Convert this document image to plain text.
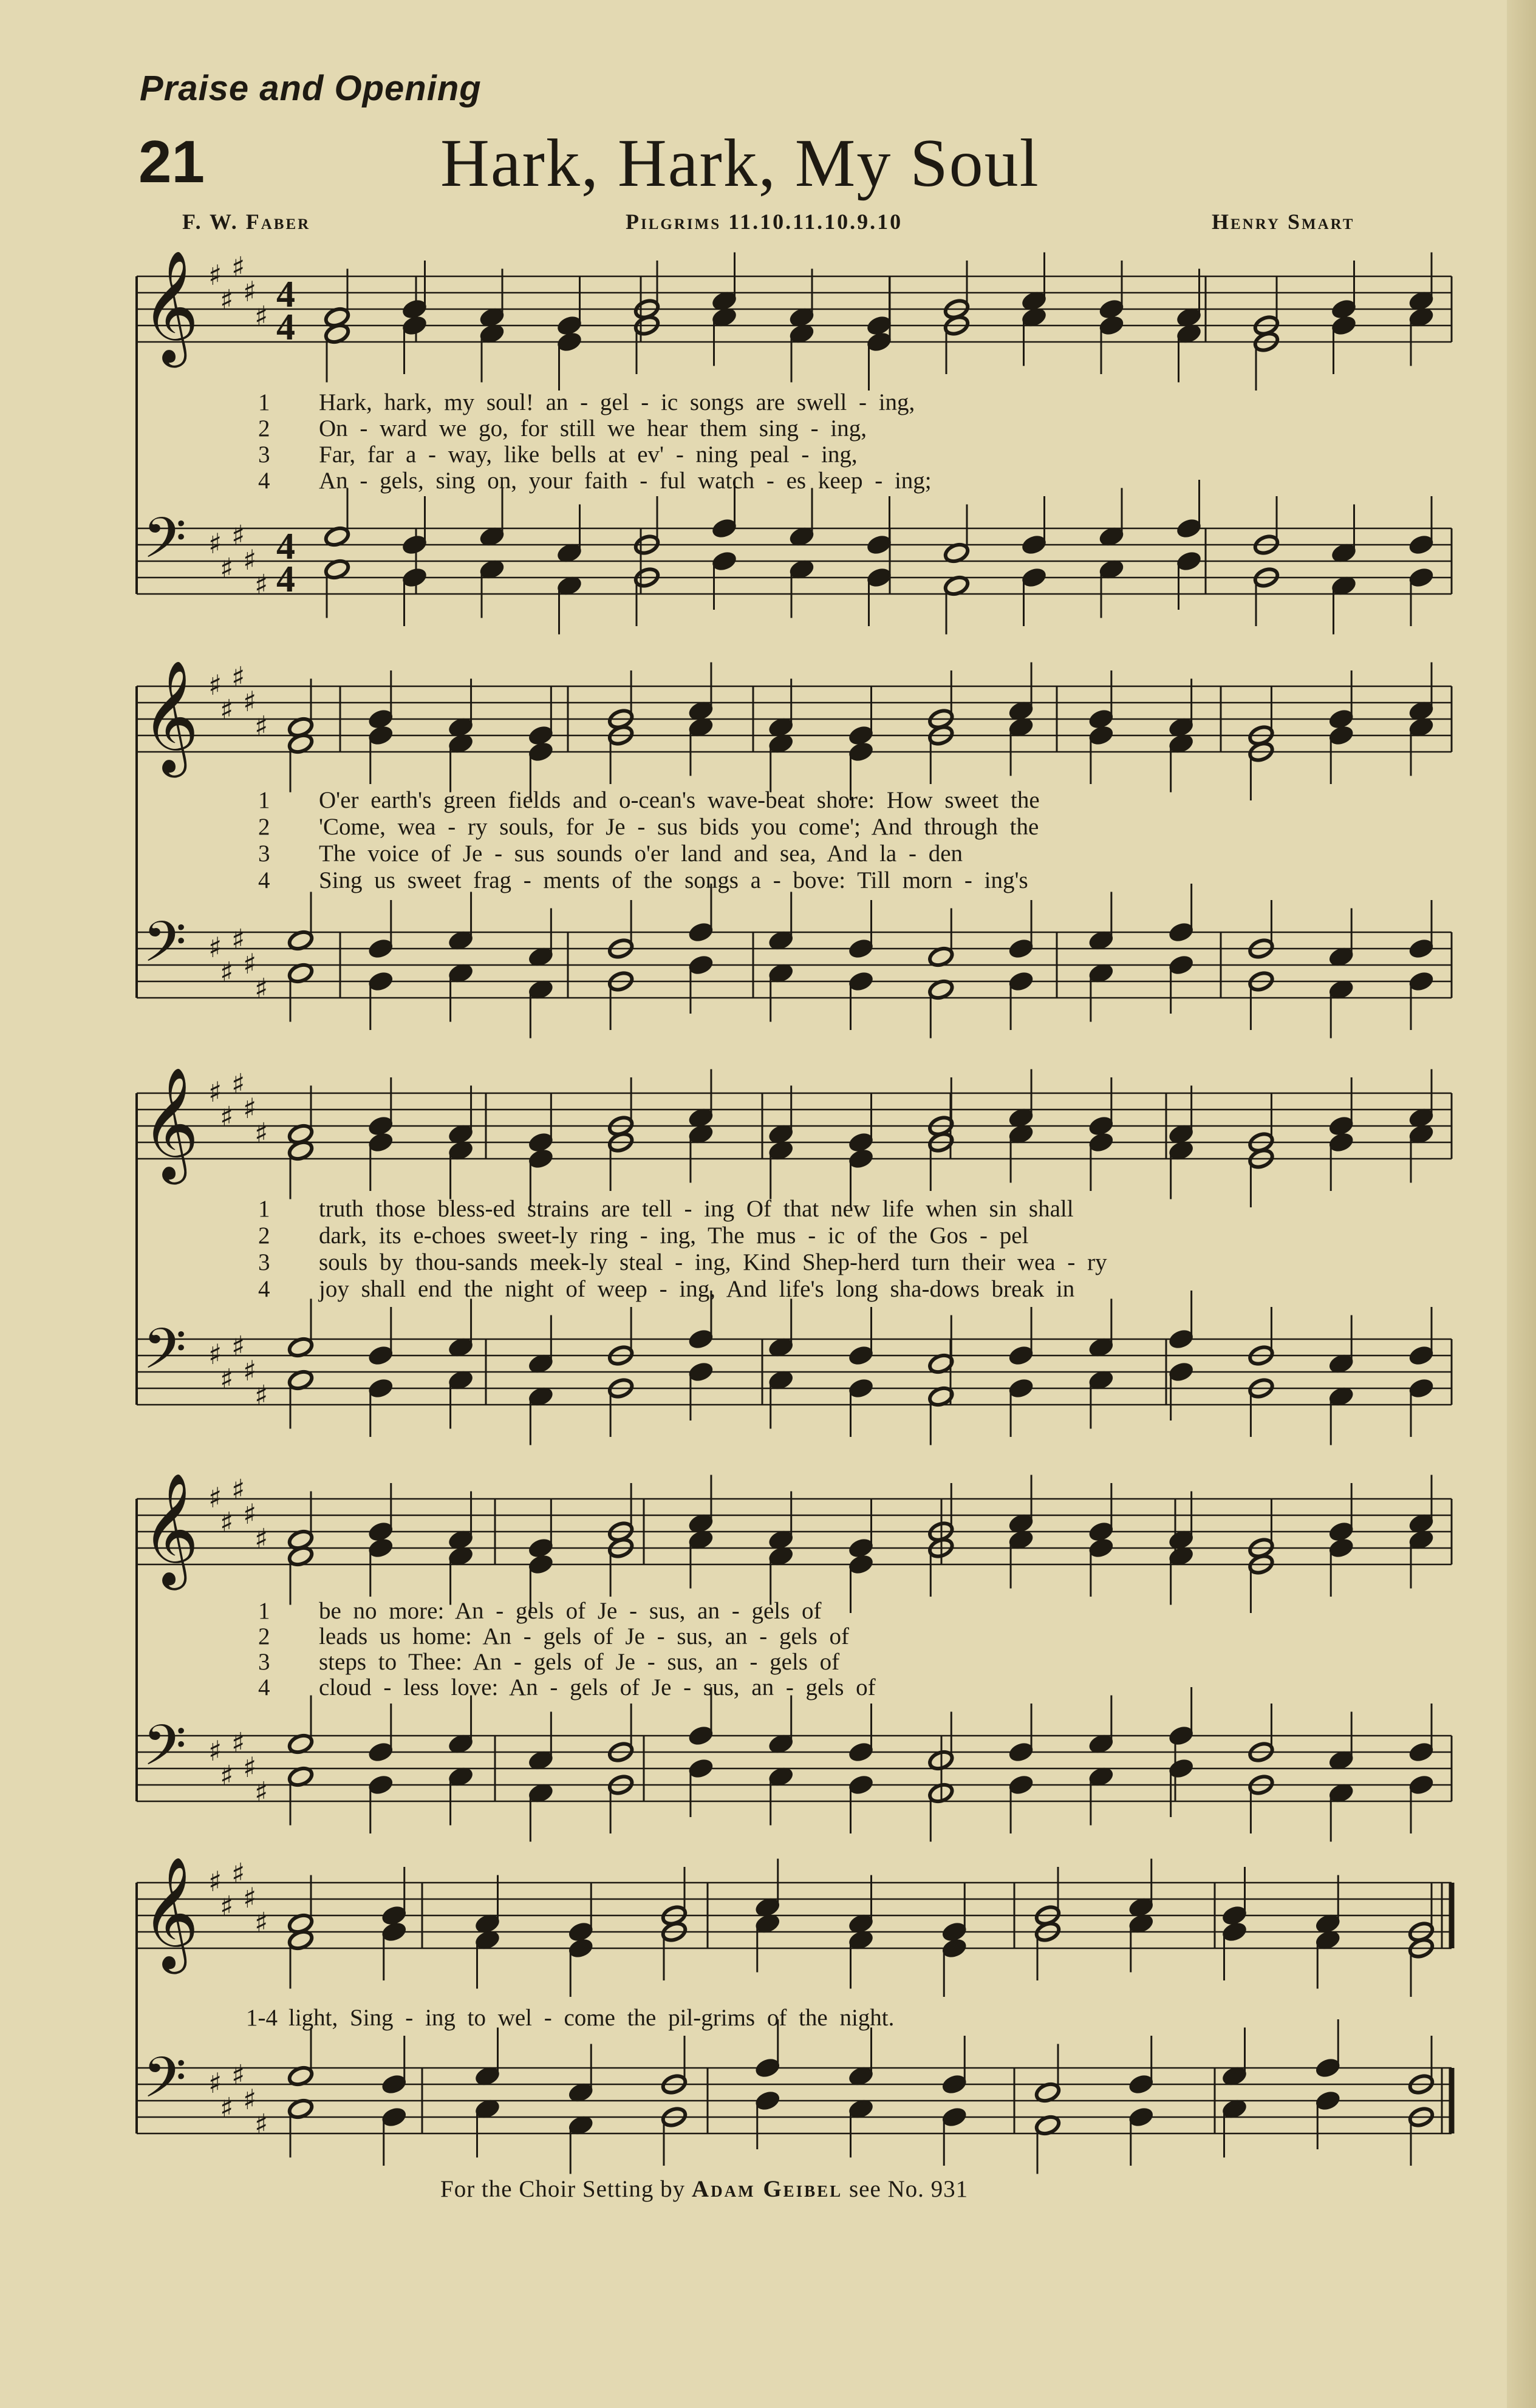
Praise and Opening
21	Hark, Hark, My Soul
F. W. Faber	Pilgrims 11.10.11.10.9.10	Henry Smart
𝄞
𝄢
♯
♯
♯
♯
♯
♯
♯
♯
♯
♯
4
4
4
4
𝄞
𝄢
♯
♯
♯
♯
♯
♯
♯
♯
♯
♯
𝄞
𝄢
♯
♯
♯
♯
♯
♯
♯
♯
♯
♯
𝄞
𝄢
♯
♯
♯
♯
♯
♯
♯
♯
♯
♯
𝄞
𝄢
♯
♯
♯
♯
♯
♯
♯
♯
♯
♯
1 Hark, hark, my soul! an - gel - ic songs are swell - ing,
2 On - ward we go, for still we hear them sing - ing,
3 Far, far a - way, like bells at ev' - ning peal - ing,
4 An - gels, sing on, your faith - ful watch - es keep - ing;
1 O'er earth's green fields and o-cean's wave-beat shore: How sweet the
2 'Come, wea - ry souls, for Je - sus bids you come'; And through the
3 The voice of Je - sus sounds o'er land and sea, And la - den
4 Sing us sweet frag - ments of the songs a - bove: Till morn - ing's
1 truth those bless-ed strains are tell - ing Of that new life when sin shall
2 dark, its e-choes sweet-ly ring - ing, The mus - ic of the Gos - pel
3 souls by thou-sands meek-ly steal - ing, Kind Shep-herd turn their wea - ry
4 joy shall end the night of weep - ing, And life's long sha-dows break in
1 be no more: An - gels of Je - sus, an - gels of
2 leads us home: An - gels of Je - sus, an - gels of
3 steps to Thee: An - gels of Je - sus, an - gels of
4 cloud - less love: An - gels of Je - sus, an - gels of
1-4 light, Sing - ing to wel - come the pil-grims of the night.
For the Choir Setting by Adam Geibel see No. 931
